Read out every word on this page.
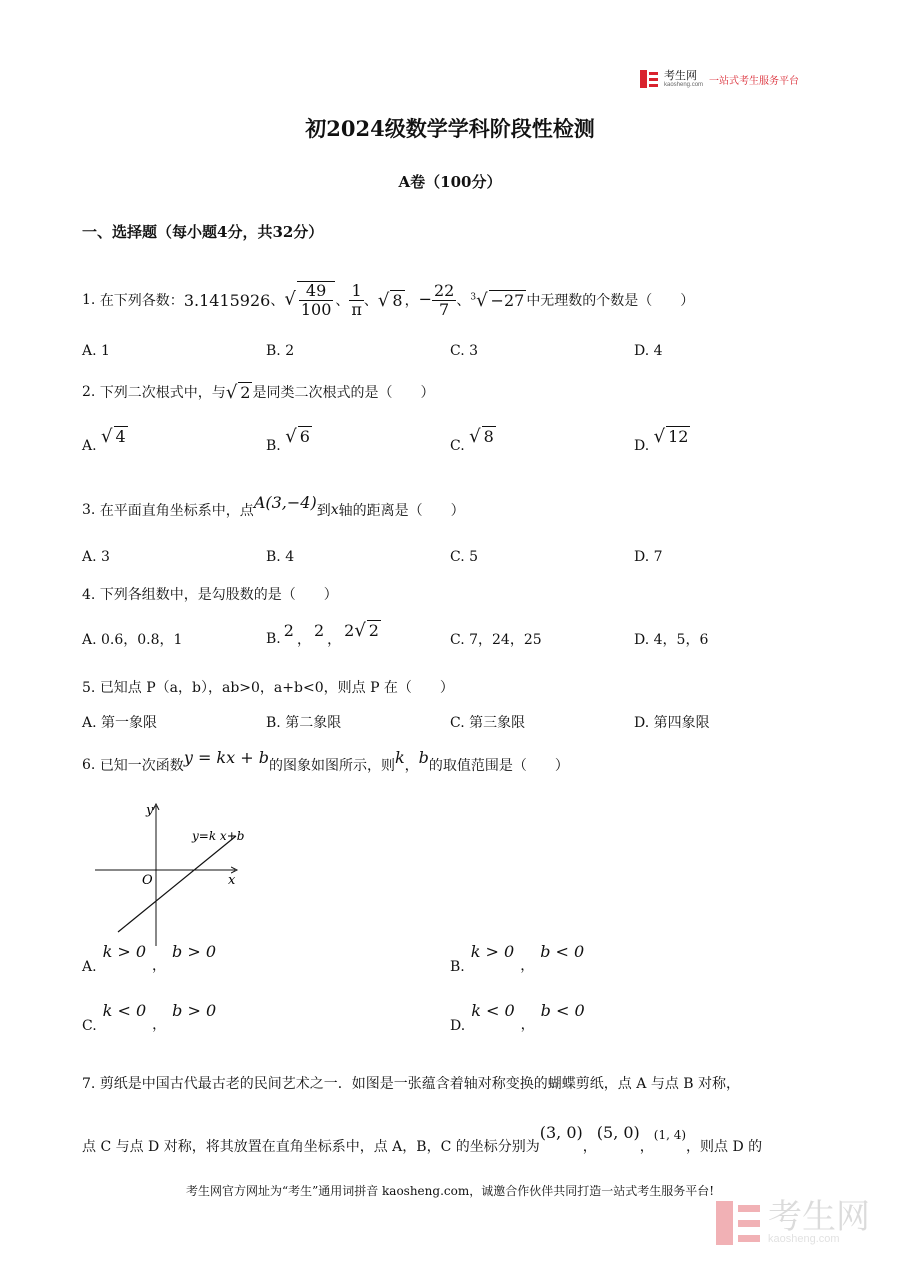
考生网
kaosheng.com 一站式考生服务平台
初2024级数学学科阶段性检测
A卷（100分）
一、选择题（每小题4分，共32分）
1.
在下列各数： 3.1415926 、 √ $\frac{49}{100}$ 、 $\frac{1}{\pi}$ 、 √ 8 ， − $\frac{22}{7}$ 、 $^3$√ −27 中无理数的个数是（　　）
A. 1	B. 2	C. 3	D. 4
2.
下列二次根式中，与 √ 2 是同类二次根式的是（　　）
A. √ 4	B. √ 6	C. √ 8	D. √ 12
3.
在平面直角坐标系中，点 A(3,−4) 到 x 轴的距离是（　　）
A. 3	B. 4	C. 5	D. 7
4. 下列各组数中，是勾股数的是（　　）
A. 0.6，0.8，1	B. 2 ， 2 ， 2√ 2	C. 7，24，25	D. 4，5，6
5. 已知点 P（a，b），ab>0，a+b<0，则点 P 在（　　）
A. 第一象限	B. 第二象限	C. 第三象限	D. 第四象限
6.
已知一次函数 y = kx + b 的图象如图所示，则 k ， b 的取值范围是（　　）
y
x
O
y=k x+b
A.
k > 0
，
b > 0
B.
k > 0
，
b < 0
C.
k < 0
，
b > 0
D.
k < 0
，
b < 0
7. 剪纸是中国古代最古老的民间艺术之一．如图是一张蕴含着轴对称变换的蝴蝶剪纸，点 A 与点 B 对称，
点 C 与点 D 对称，将其放置在直角坐标系中，点 A，B，C 的坐标分别为
(3, 0)
，
(5, 0)
，
(1, 4)
， 则点 D 的
考生网官方网址为“考生”通用词拼音 kaosheng.com，诚邀合作伙伴共同打造一站式考生服务平台!
考生网
kaosheng.com
